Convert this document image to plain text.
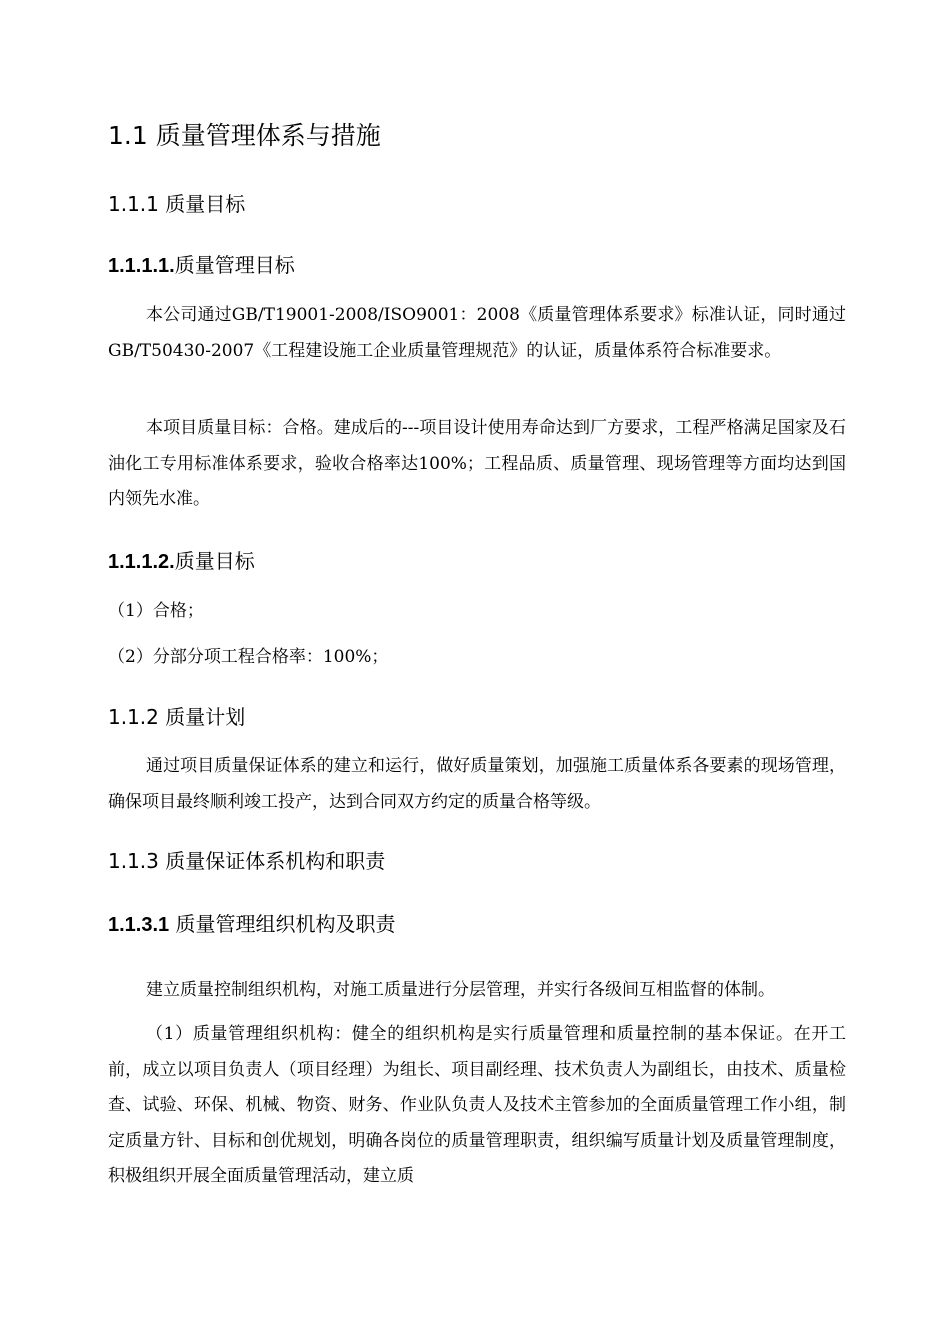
1.1 质量管理体系与措施
1.1.1 质量目标
1.1.1.1.质量管理目标

本公司通过GB/T19001-2008/ISO9001：2008《质量管理体系要求》标准认证，同时通过GB/T50430-2007《工程建设施工企业质量管理规范》的认证，质量体系符合标准要求。

本项目质量目标：合格。建成后的---项目设计使用寿命达到厂方要求，工程严格满足国家及石油化工专用标准体系要求，验收合格率达100%；工程品质、质量管理、现场管理等方面均达到国内领先水准。

1.1.1.2.质量目标
（1）合格；
（2）分部分项工程合格率：100%；
1.1.2 质量计划

通过项目质量保证体系的建立和运行，做好质量策划，加强施工质量体系各要素的现场管理，确保项目最终顺利竣工投产，达到合同双方约定的质量合格等级。

1.1.3 质量保证体系机构和职责
1.1.3.1 质量管理组织机构及职责

建立质量控制组织机构，对施工质量进行分层管理，并实行各级间互相监督的体制。

（1）质量管理组织机构：健全的组织机构是实行质量管理和质量控制的基本保证。在开工前，成立以项目负责人（项目经理）为组长、项目副经理、技术负责人为副组长，由技术、质量检查、试验、环保、机械、物资、财务、作业队负责人及技术主管参加的全面质量管理工作小组，制定质量方针、目标和创优规划，明确各岗位的质量管理职责，组织编写质量计划及质量管理制度，积极组织开展全面质量管理活动，建立质
